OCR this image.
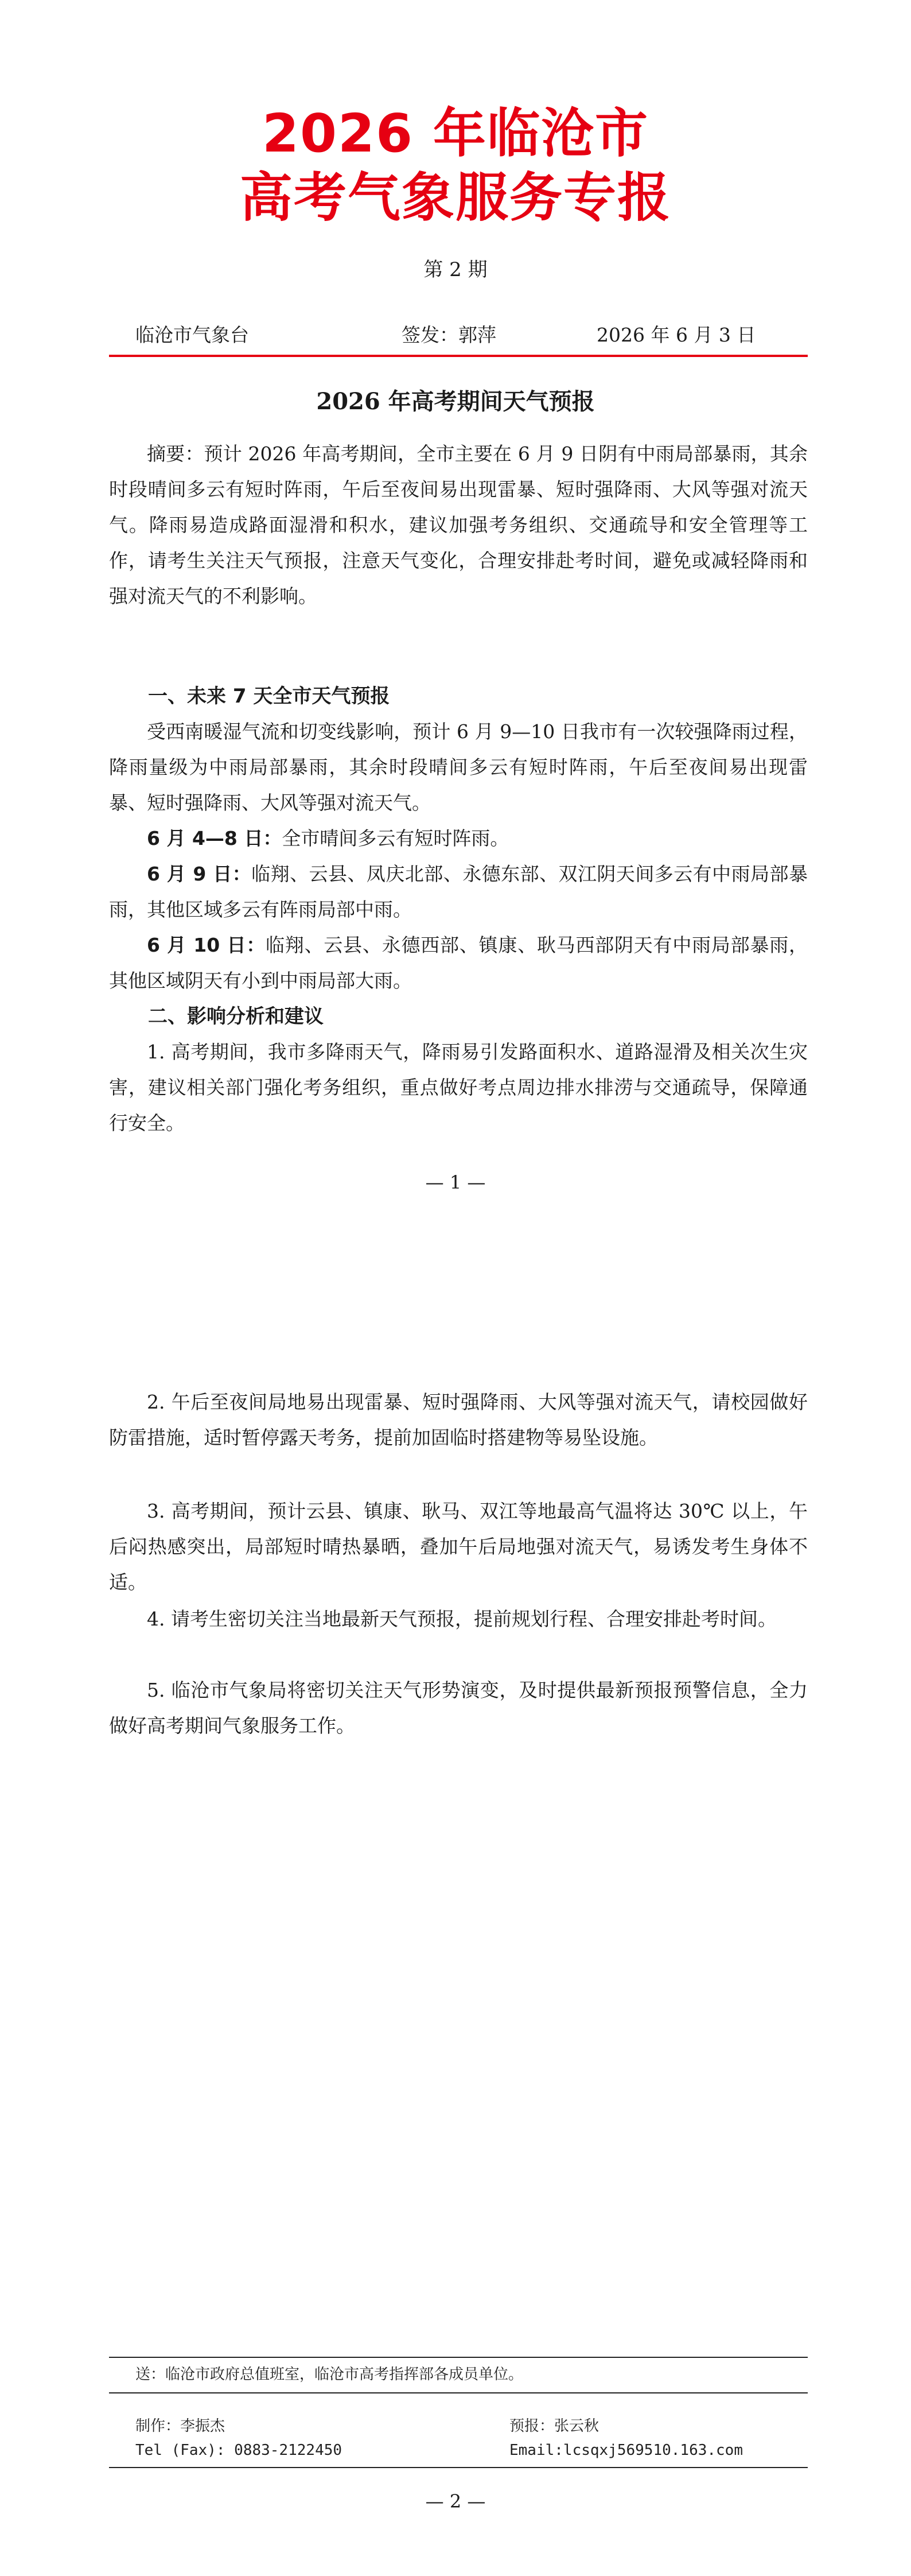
2026 年临沧市
高考气象服务专报
第 2 期
临沧市气象台	签发：郭萍	2026 年 6 月 3 日
2026 年高考期间天气预报
摘要：预计 2026 年高考期间，全市主要在 6 月 9 日阴有中雨局部暴雨，其余时段晴间多云有短时阵雨，午后至夜间易出现雷暴、短时强降雨、大风等强对流天气。降雨易造成路面湿滑和积水，建议加强考务组织、交通疏导和安全管理等工作，请考生关注天气预报，注意天气变化，合理安排赴考时间，避免或减轻降雨和强对流天气的不利影响。
一、未来 7 天全市天气预报
受西南暖湿气流和切变线影响，预计 6 月 9—10 日我市有一次较强降雨过程，降雨量级为中雨局部暴雨，其余时段晴间多云有短时阵雨，午后至夜间易出现雷暴、短时强降雨、大风等强对流天气。
6 月 4—8 日：全市晴间多云有短时阵雨。
6 月 9 日：临翔、云县、凤庆北部、永德东部、双江阴天间多云有中雨局部暴雨，其他区域多云有阵雨局部中雨。
6 月 10 日：临翔、云县、永德西部、镇康、耿马西部阴天有中雨局部暴雨，其他区域阴天有小到中雨局部大雨。
二、影响分析和建议
1. 高考期间，我市多降雨天气，降雨易引发路面积水、道路湿滑及相关次生灾害，建议相关部门强化考务组织，重点做好考点周边排水排涝与交通疏导，保障通行安全。
— 1 —
2. 午后至夜间局地易出现雷暴、短时强降雨、大风等强对流天气，请校园做好防雷措施，适时暂停露天考务，提前加固临时搭建物等易坠设施。
3. 高考期间，预计云县、镇康、耿马、双江等地最高气温将达 30℃ 以上，午后闷热感突出，局部短时晴热暴晒，叠加午后局地强对流天气，易诱发考生身体不适。
4. 请考生密切关注当地最新天气预报，提前规划行程、合理安排赴考时间。
5. 临沧市气象局将密切关注天气形势演变，及时提供最新预报预警信息，全力做好高考期间气象服务工作。
送：临沧市政府总值班室，临沧市高考指挥部各成员单位。
制作：李振杰	预报：张云秋
Tel (Fax): 0883-2122450	Email:lcsqxj569510.163.com
— 2 —
